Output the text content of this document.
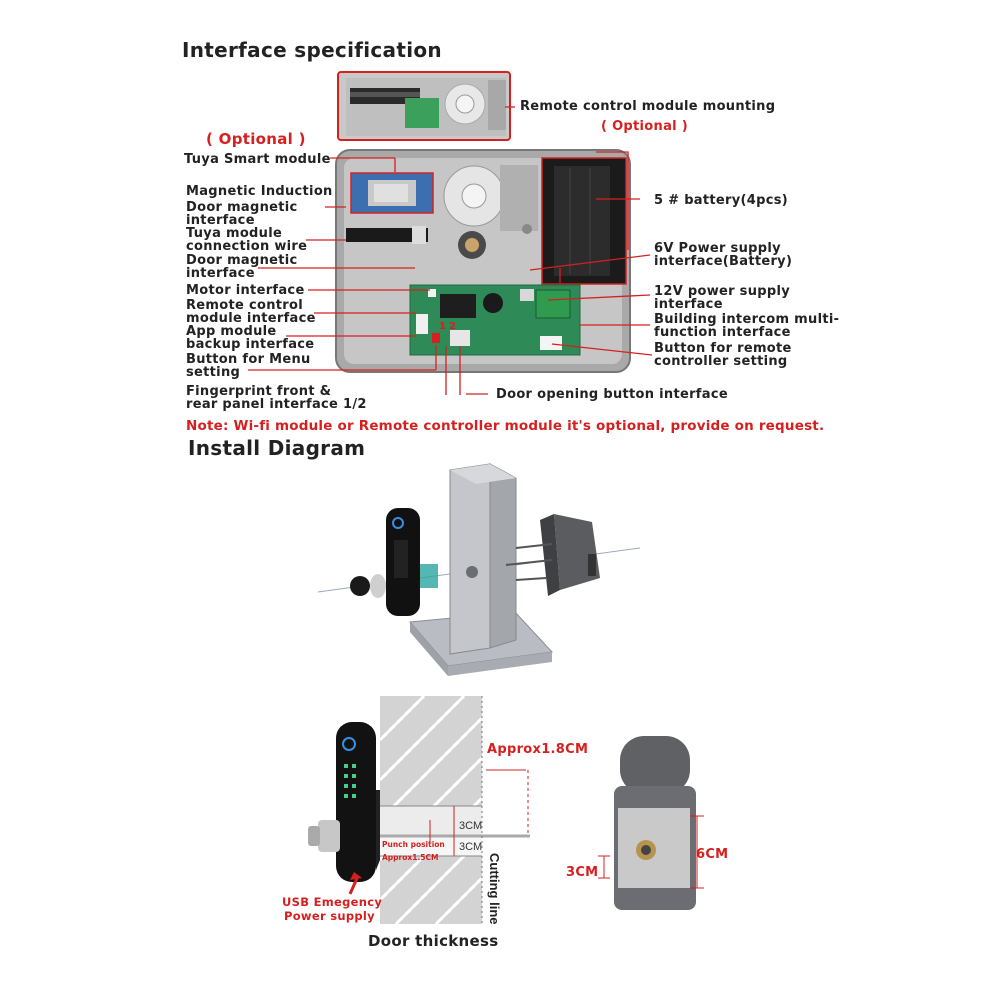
Interface specification
Install Diagram
Remote control module mounting
( Optional )
( Optional )
Tuya Smart module
Magnetic Induction
Door magnetic
interface
Tuya module
connection wire
Door magnetic
interface
Motor interface
Remote control
module interface
App module
backup interface
Button for Menu
setting
Fingerprint front &
rear panel interface 1/2
5 # battery(4pcs)
6V Power supply
interface(Battery)
12V power supply
interface
Building intercom multi-
function interface
Button for remote
controller setting
Door opening button interface
1 2
Note: Wi-fi module or Remote controller module it's optional, provide on request.
3CM
3CM
Punch position
Approx1.5CM	Cutting line
Approx1.8CM
USB Emegency
Power supply
Door thickness
6CM
3CM
